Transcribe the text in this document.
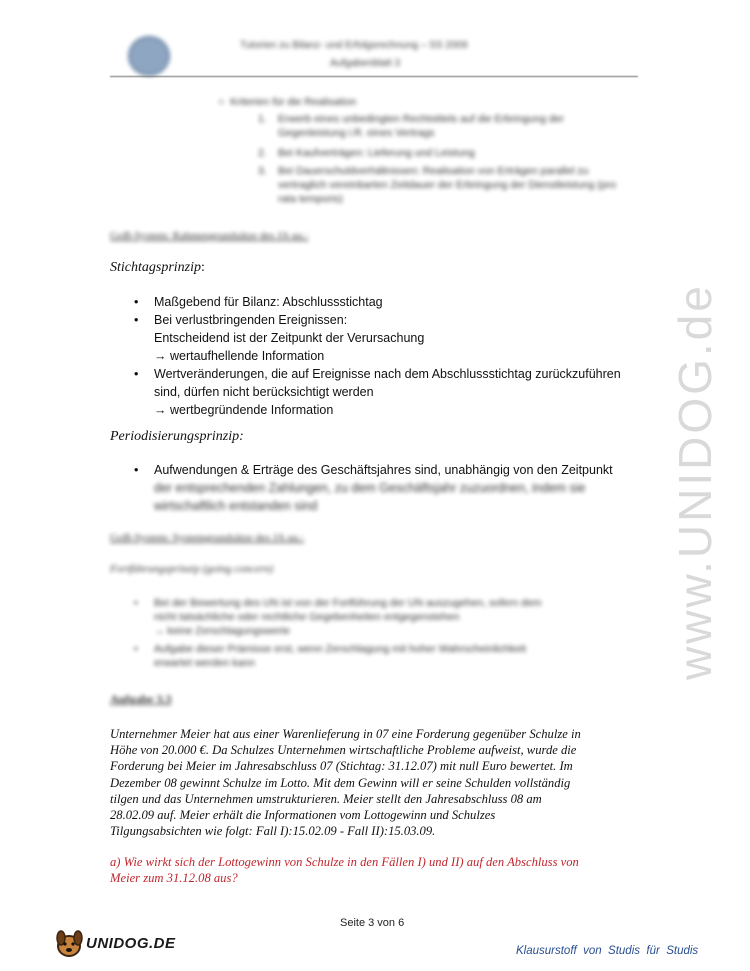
Tutorien zu Bilanz- und Erfolgsrechnung – SS 2009
Aufgabenblatt 3
○  Kriterien für die Realisation
1. Erwerb eines unbedingten Rechtstitels auf die Erbringung der Gegenleistung i.R. eines Vertrags
2. Bei Kaufverträgen: Lieferung und Leistung
3. Bei Dauerschuldverhältnissen: Realisation von Erträgen parallel zu vertraglich vereinbarten Zeitdauer der Erbringung der Dienstleistung (pro rata temporis)
GoB-System: Rahmengrundsätze des JA uu.:
Stichtagsprinzip:
• Maßgebend für Bilanz: Abschlussstichtag
• Bei verlustbringenden Ereignissen:
Entscheidend ist der Zeitpunkt der Verursachung
→ wertaufhellende Information
• Wertveränderungen, die auf Ereignisse nach dem Abschlussstichtag zurückzuführen
sind, dürfen nicht berücksichtigt werden
→ wertbegründende Information
Periodisierungsprinzip:
• Aufwendungen & Erträge des Geschäftsjahres sind, unabhängig von den Zeitpunkt
der entsprechenden Zahlungen, zu dem Geschäftsjahr zuzuordnen, indem sie
wirtschaftlich entstanden sind
GoB-System: Systemgrundsätze des JA uu.:
Fortführungsprinzip (going concern)
• Bei der Bewertung des UN ist von der Fortführung der UN auszugehen, sofern dem
nicht tatsächliche oder rechtliche Gegebenheiten entgegenstehen
→ keine Zerschlagungswerte
• Aufgabe dieser Prämisse erst, wenn Zerschlagung mit hoher Wahrscheinlichkeit
erwartet werden kann
Aufgabe 3.3
Unternehmer Meier hat aus einer Warenlieferung in 07 eine Forderung gegenüber Schulze in
Höhe von 20.000 €. Da Schulzes Unternehmen wirtschaftliche Probleme aufweist, wurde die
Forderung bei Meier im Jahresabschluss 07 (Stichtag: 31.12.07) mit null Euro bewertet. Im
Dezember 08 gewinnt Schulze im Lotto. Mit dem Gewinn will er seine Schulden vollständig
tilgen und das Unternehmen umstrukturieren. Meier stellt den Jahresabschluss 08 am
28.02.09 auf. Meier erhält die Informationen vom Lottogewinn und Schulzes
Tilgungsabsichten wie folgt: Fall I):15.02.09 - Fall II):15.03.09.
a) Wie wirkt sich der Lottogewinn von Schulze in den Fällen I) und II) auf den Abschluss von
Meier zum 31.12.08 aus?
www.UNIDOG.de
Seite 3 von 6
UNIDOG.DE	Klausurstoff  von  Studis  für  Studis
